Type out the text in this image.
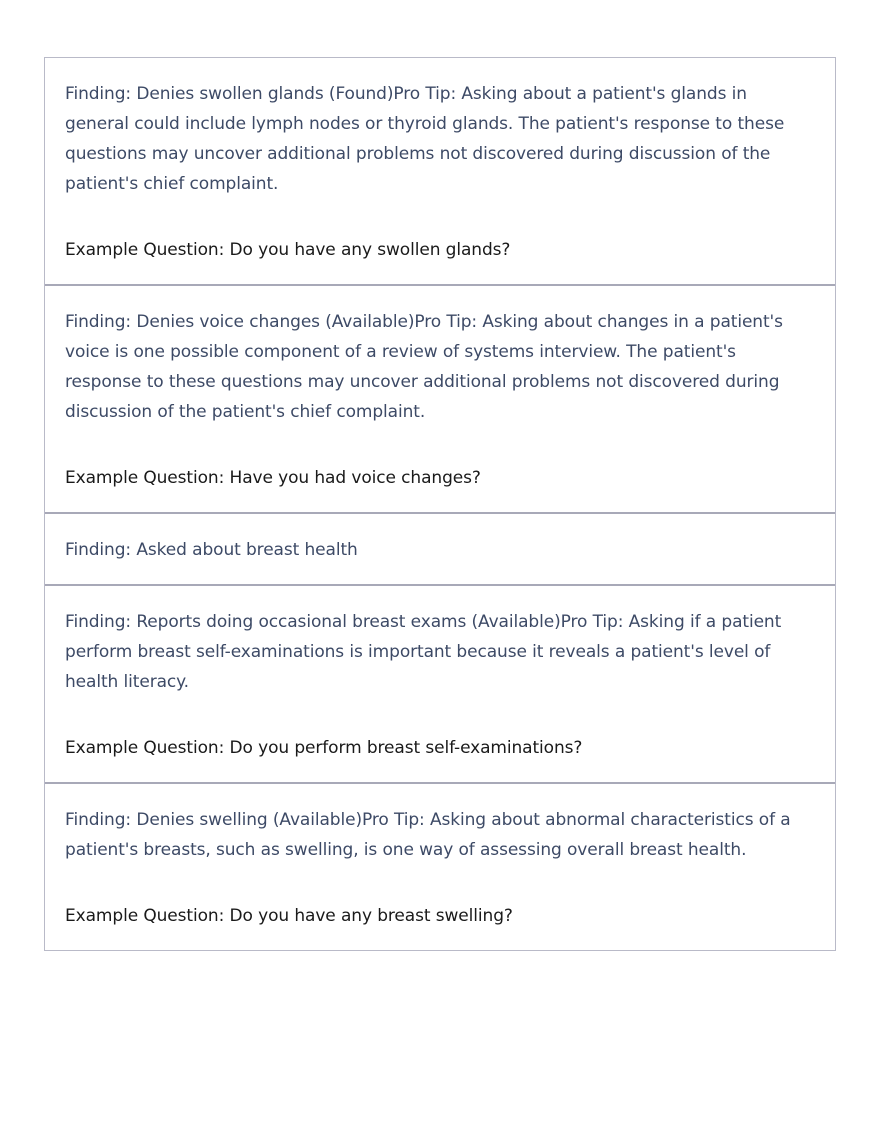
Finding: Denies swollen glands (Found)Pro Tip: Asking about a patient's glands in general could include lymph nodes or thyroid glands. The patient's response to these questions may uncover additional problems not discovered during discussion of the patient's chief complaint.

Example Question: Do you have any swollen glands?

Finding: Denies voice changes (Available)Pro Tip: Asking about changes in a patient's voice is one possible component of a review of systems interview. The patient's response to these questions may uncover additional problems not discovered during discussion of the patient's chief complaint.

Example Question: Have you had voice changes?

Finding: Asked about breast health

Finding: Reports doing occasional breast exams (Available)Pro Tip: Asking if a patient perform breast self-examinations is important because it reveals a patient's level of health literacy.

Example Question: Do you perform breast self-examinations?

Finding: Denies swelling (Available)Pro Tip: Asking about abnormal characteristics of a patient's breasts, such as swelling, is one way of assessing overall breast health.

Example Question: Do you have any breast swelling?
